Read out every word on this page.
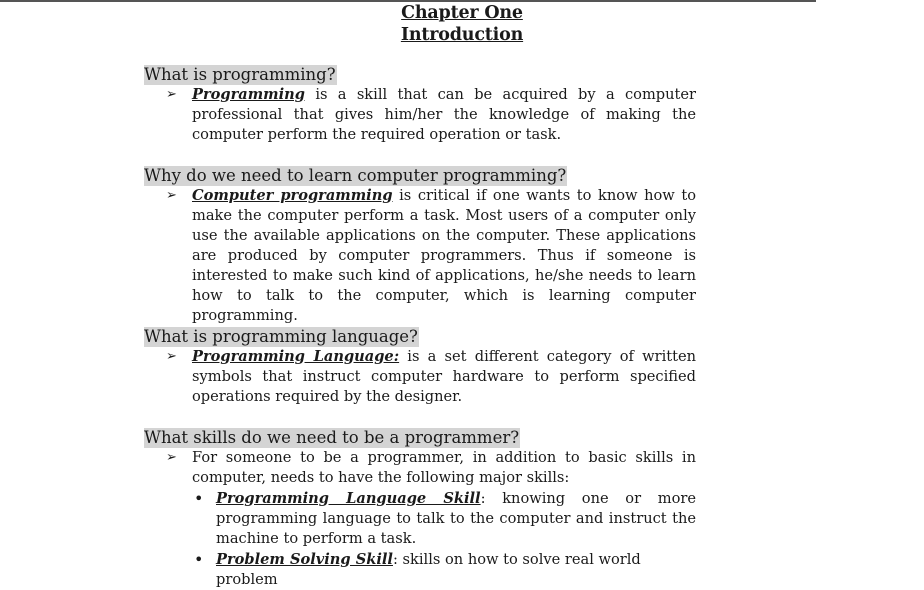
Chapter One
Introduction
What is programming?
➢ Programming is a skill that can be acquired by a computer professional that gives him/her the knowledge of making the computer perform the required operation or task.
Why do we need to learn computer programming?
➢ Computer programming is critical if one wants to know how to make the computer perform a task. Most users of a computer only use the available applications on the computer. These applications are produced by computer programmers. Thus if someone is interested to make such kind of applications, he/she needs to learn how to talk to the computer, which is learning computer programming.
What is programming language?
➢ Programming Language: is a set different category of written symbols that instruct computer hardware to perform specified operations required by the designer.
What skills do we need to be a programmer?
➢ For someone to be a programmer, in addition to basic skills in computer, needs to have the following major skills:
• Programming Language Skill: knowing one or more programming language to talk to the computer and instruct the machine to perform a task.
• Problem Solving Skill: skills on how to solve real world problem
